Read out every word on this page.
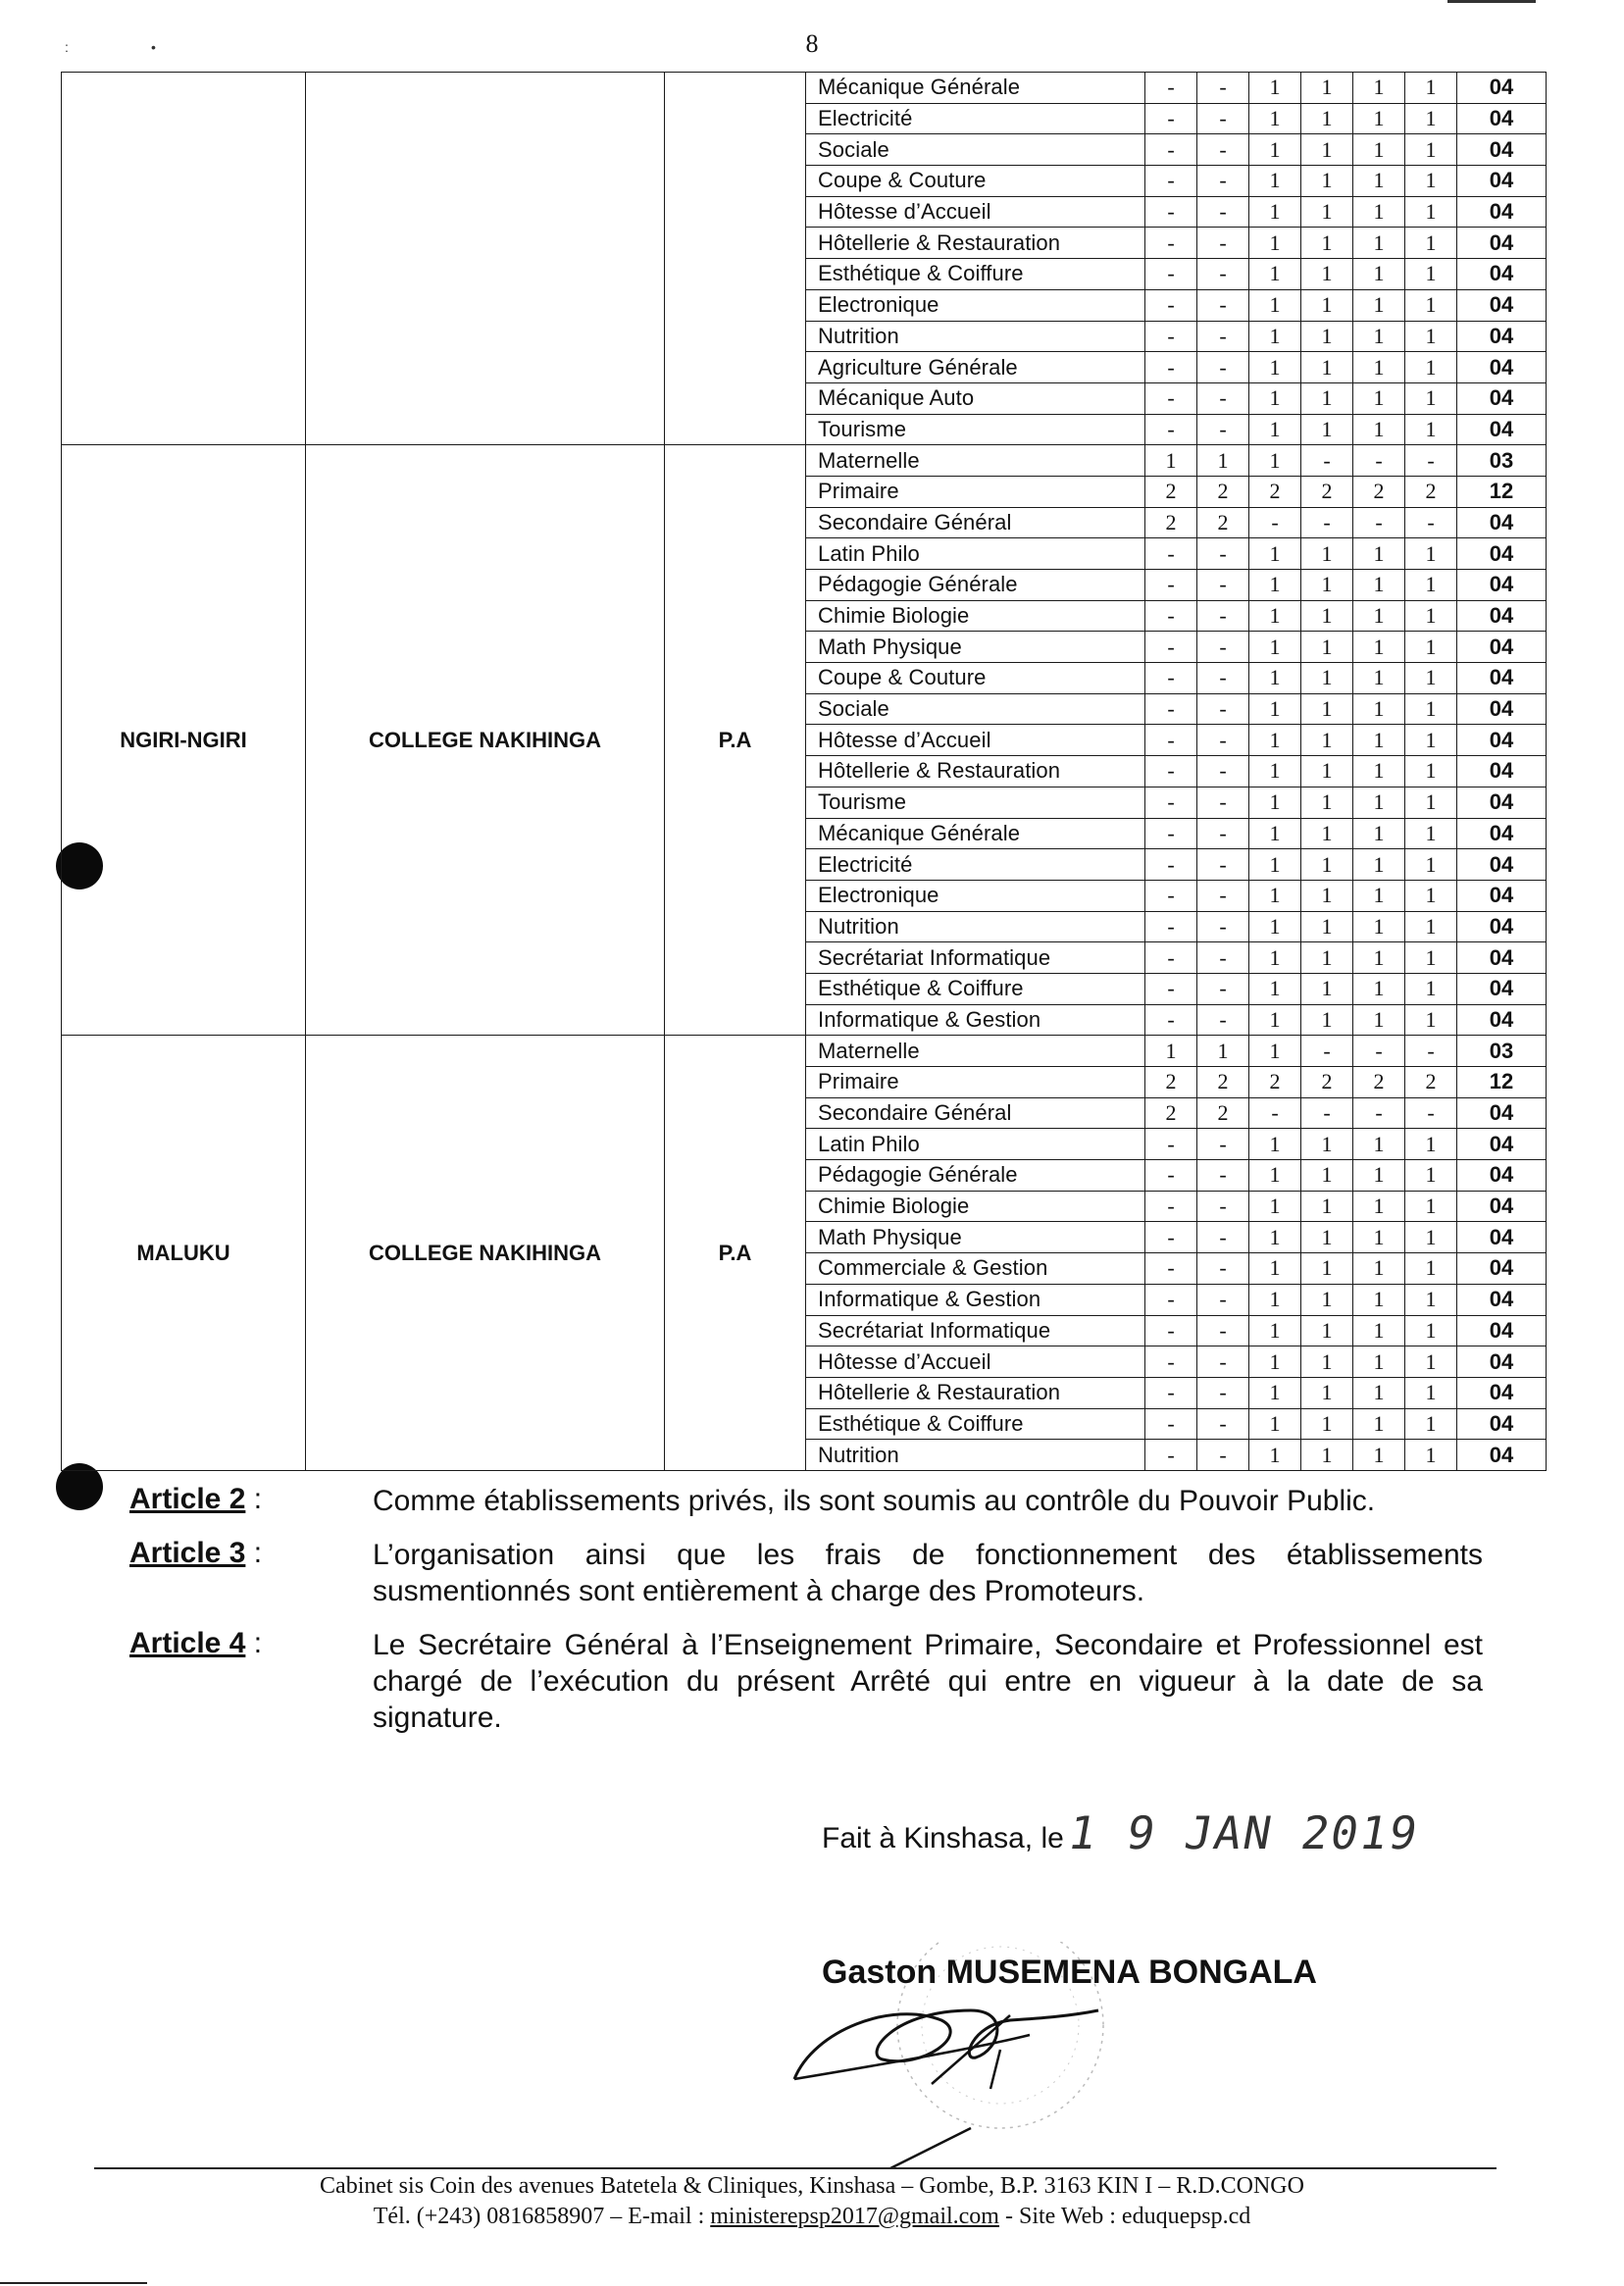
:	•	8
			Mécanique Générale	-	-	1	1	1	1	04
			Electricité	-	-	1	1	1	1	04
			Sociale	-	-	1	1	1	1	04
			Coupe & Couture	-	-	1	1	1	1	04
			Hôtesse d’Accueil	-	-	1	1	1	1	04
			Hôtellerie & Restauration	-	-	1	1	1	1	04
			Esthétique & Coiffure	-	-	1	1	1	1	04
			Electronique	-	-	1	1	1	1	04
			Nutrition	-	-	1	1	1	1	04
			Agriculture Générale	-	-	1	1	1	1	04
			Mécanique Auto	-	-	1	1	1	1	04
			Tourisme	-	-	1	1	1	1	04
NGIRI-NGIRI	COLLEGE NAKIHINGA	P.A	Maternelle	1	1	1	-	-	-	03
			Primaire	2	2	2	2	2	2	12
			Secondaire Général	2	2	-	-	-	-	04
			Latin Philo	-	-	1	1	1	1	04
			Pédagogie Générale	-	-	1	1	1	1	04
			Chimie Biologie	-	-	1	1	1	1	04
			Math Physique	-	-	1	1	1	1	04
			Coupe & Couture	-	-	1	1	1	1	04
			Sociale	-	-	1	1	1	1	04
			Hôtesse d’Accueil	-	-	1	1	1	1	04
			Hôtellerie & Restauration	-	-	1	1	1	1	04
			Tourisme	-	-	1	1	1	1	04
			Mécanique Générale	-	-	1	1	1	1	04
			Electricité	-	-	1	1	1	1	04
			Electronique	-	-	1	1	1	1	04
			Nutrition	-	-	1	1	1	1	04
			Secrétariat Informatique	-	-	1	1	1	1	04
			Esthétique & Coiffure	-	-	1	1	1	1	04
			Informatique & Gestion	-	-	1	1	1	1	04
MALUKU	COLLEGE NAKIHINGA	P.A	Maternelle	1	1	1	-	-	-	03
			Primaire	2	2	2	2	2	2	12
			Secondaire Général	2	2	-	-	-	-	04
			Latin Philo	-	-	1	1	1	1	04
			Pédagogie Générale	-	-	1	1	1	1	04
			Chimie Biologie	-	-	1	1	1	1	04
			Math Physique	-	-	1	1	1	1	04
			Commerciale & Gestion	-	-	1	1	1	1	04
			Informatique & Gestion	-	-	1	1	1	1	04
			Secrétariat Informatique	-	-	1	1	1	1	04
			Hôtesse d’Accueil	-	-	1	1	1	1	04
			Hôtellerie & Restauration	-	-	1	1	1	1	04
			Esthétique & Coiffure	-	-	1	1	1	1	04
			Nutrition	-	-	1	1	1	1	04
Article 2 :	Comme établissements privés, ils sont soumis au contrôle du Pouvoir Public.
Article 3 :	L’organisation ainsi que les frais de fonctionnement des établissements susmentionnés sont entièrement à charge des Promoteurs.
Article 4 :	Le Secrétaire Général à l’Enseignement Primaire, Secondaire et Professionnel est chargé de l’exécution du présent Arrêté qui entre en vigueur à la date de sa signature.
Fait à Kinshasa, le 1 9 JAN 2019
Gaston MUSEMENA BONGALA
Cabinet sis Coin des avenues Batetela & Cliniques, Kinshasa – Gombe, B.P. 3163 KIN I – R.D.CONGO
Tél. (+243) 0816858907 – E-mail : ministerepsp2017@gmail.com - Site Web : eduquepsp.cd
